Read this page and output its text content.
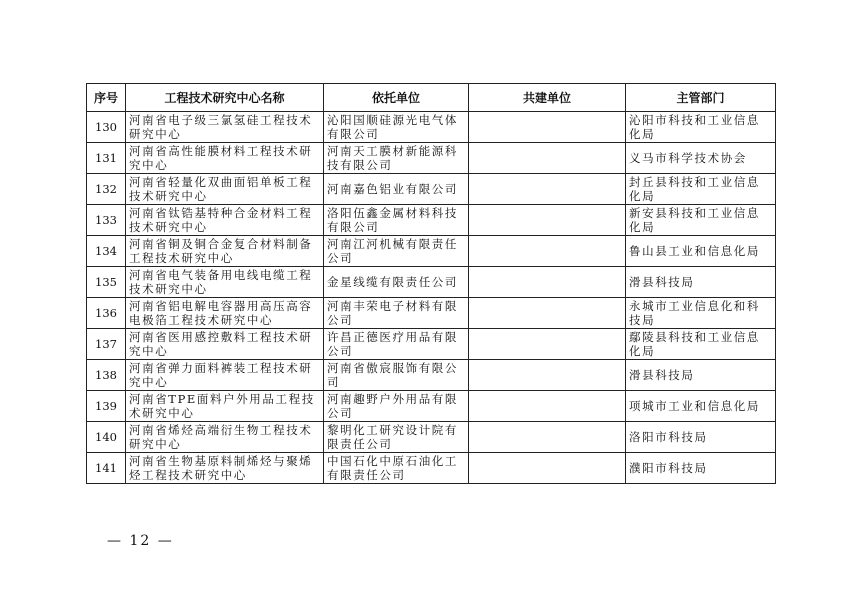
序号	工程技术研究中心名称	依托单位	共建单位	主管部门
130	河南省电子级三氯氢硅工程技术研究中心	沁阳国顺硅源光电气体有限公司		沁阳市科技和工业信息化局
131	河南省高性能膜材料工程技术研究中心	河南天工膜材新能源科技有限公司		义马市科学技术协会
132	河南省轻量化双曲面铝单板工程技术研究中心	河南嘉色铝业有限公司		封丘县科技和工业信息化局
133	河南省钛锆基特种合金材料工程技术研究中心	洛阳伍鑫金属材料科技有限公司		新安县科技和工业信息化局
134	河南省铜及铜合金复合材料制备工程技术研究中心	河南江河机械有限责任公司		鲁山县工业和信息化局
135	河南省电气装备用电线电缆工程技术研究中心	金星线缆有限责任公司		滑县科技局
136	河南省铝电解电容器用高压高容电极箔工程技术研究中心	河南丰荣电子材料有限公司		永城市工业信息化和科技局
137	河南省医用感控敷料工程技术研究中心	许昌正德医疗用品有限公司		鄢陵县科技和工业信息化局
138	河南省弹力面料裤装工程技术研究中心	河南省傲宸服饰有限公司		滑县科技局
139	河南省TPE面料户外用品工程技术研究中心	河南趣野户外用品有限公司		项城市工业和信息化局
140	河南省烯烃高端衍生物工程技术研究中心	黎明化工研究设计院有限责任公司		洛阳市科技局
141	河南省生物基原料制烯烃与聚烯烃工程技术研究中心	中国石化中原石油化工有限责任公司		濮阳市科技局
— 12 —
